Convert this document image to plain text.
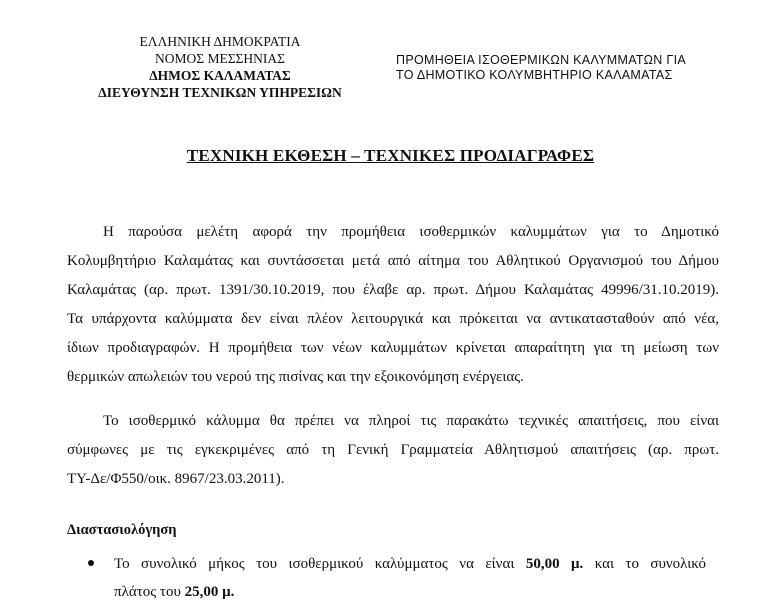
ΕΛΛΗΝΙΚΗ ΔΗΜΟΚΡΑΤΙΑ
ΝΟΜΟΣ ΜΕΣΣΗΝΙΑΣ
ΔΗΜΟΣ ΚΑΛΑΜΑΤΑΣ
ΔΙΕΥΘΥΝΣΗ ΤΕΧΝΙΚΩΝ ΥΠΗΡΕΣΙΩΝ
ΠΡΟΜΗΘΕΙΑ ΙΣΟΘΕΡΜΙΚΩΝ ΚΑΛΥΜΜΑΤΩΝ ΓΙΑ
ΤΟ ΔΗΜΟΤΙΚΟ ΚΟΛΥΜΒΗΤΗΡΙΟ ΚΑΛΑΜΑΤΑΣ
ΤΕΧΝΙΚΗ ΕΚΘΕΣΗ – ΤΕΧΝΙΚΕΣ ΠΡΟΔΙΑΓΡΑΦΕΣ
Η παρούσα μελέτη αφορά την προμήθεια ισοθερμικών καλυμμάτων για το Δημοτικό
Κολυμβητήριο Καλαμάτας και συντάσσεται μετά από αίτημα του Αθλητικού Οργανισμού του Δήμου
Καλαμάτας (αρ. πρωτ. 1391/30.10.2019, που έλαβε αρ. πρωτ. Δήμου Καλαμάτας 49996/31.10.2019).
Τα υπάρχοντα καλύμματα δεν είναι πλέον λειτουργικά και πρόκειται να αντικατασταθούν από νέα,
ίδιων προδιαγραφών. Η προμήθεια των νέων καλυμμάτων κρίνεται απαραίτητη για τη μείωση των
θερμικών απωλειών του νερού της πισίνας και την εξοικονόμηση ενέργειας.
Το ισοθερμικό κάλυμμα θα πρέπει να πληροί τις παρακάτω τεχνικές απαιτήσεις, που είναι
σύμφωνες με τις εγκεκριμένες από τη Γενική Γραμματεία Αθλητισμού απαιτήσεις (αρ. πρωτ.
ΤΥ-Δε/Φ550/οικ. 8967/23.03.2011).
Διαστασιολόγηση
Το συνολικό μήκος του ισοθερμικού καλύμματος να είναι 50,00 μ. και το συνολικό
πλάτος του 25,00 μ.
